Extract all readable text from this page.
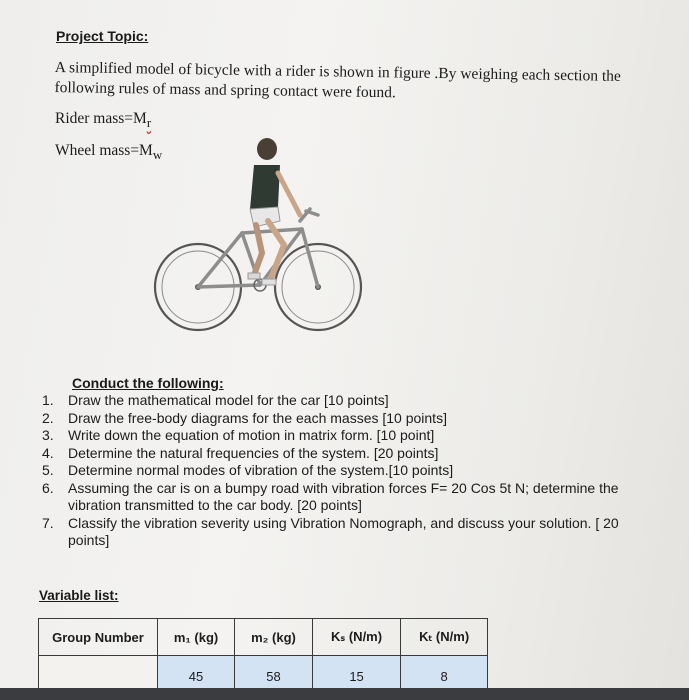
Project Topic:
A simplified model of bicycle with a rider is shown in figure .By weighing each section the following rules of mass and spring contact were found.
Rider $mass=M_r$
Wheel $mass=M_w$
Conduct the following:
1. Draw the mathematical model for the car [10 points]
2. Draw the free-body diagrams for the each masses [10 points]
3. Write down the equation of motion in matrix form. [10 point]
4. Determine the natural frequencies of the system. [20 points]
5. Determine normal modes of vibration of the system.[10 points]
6. Assuming the car is on a bumpy road with vibration forces F= 20 Cos 5t N; determine the vibration transmitted to the car body. [20 points]
7. Classify the vibration severity using Vibration Nomograph, and discuss your solution. [ 20 points]
Variable list:
Group Number	m₁ (kg)	m₂ (kg)	Kₛ (N/m)	Kₜ (N/m)
	45	58	15	8
